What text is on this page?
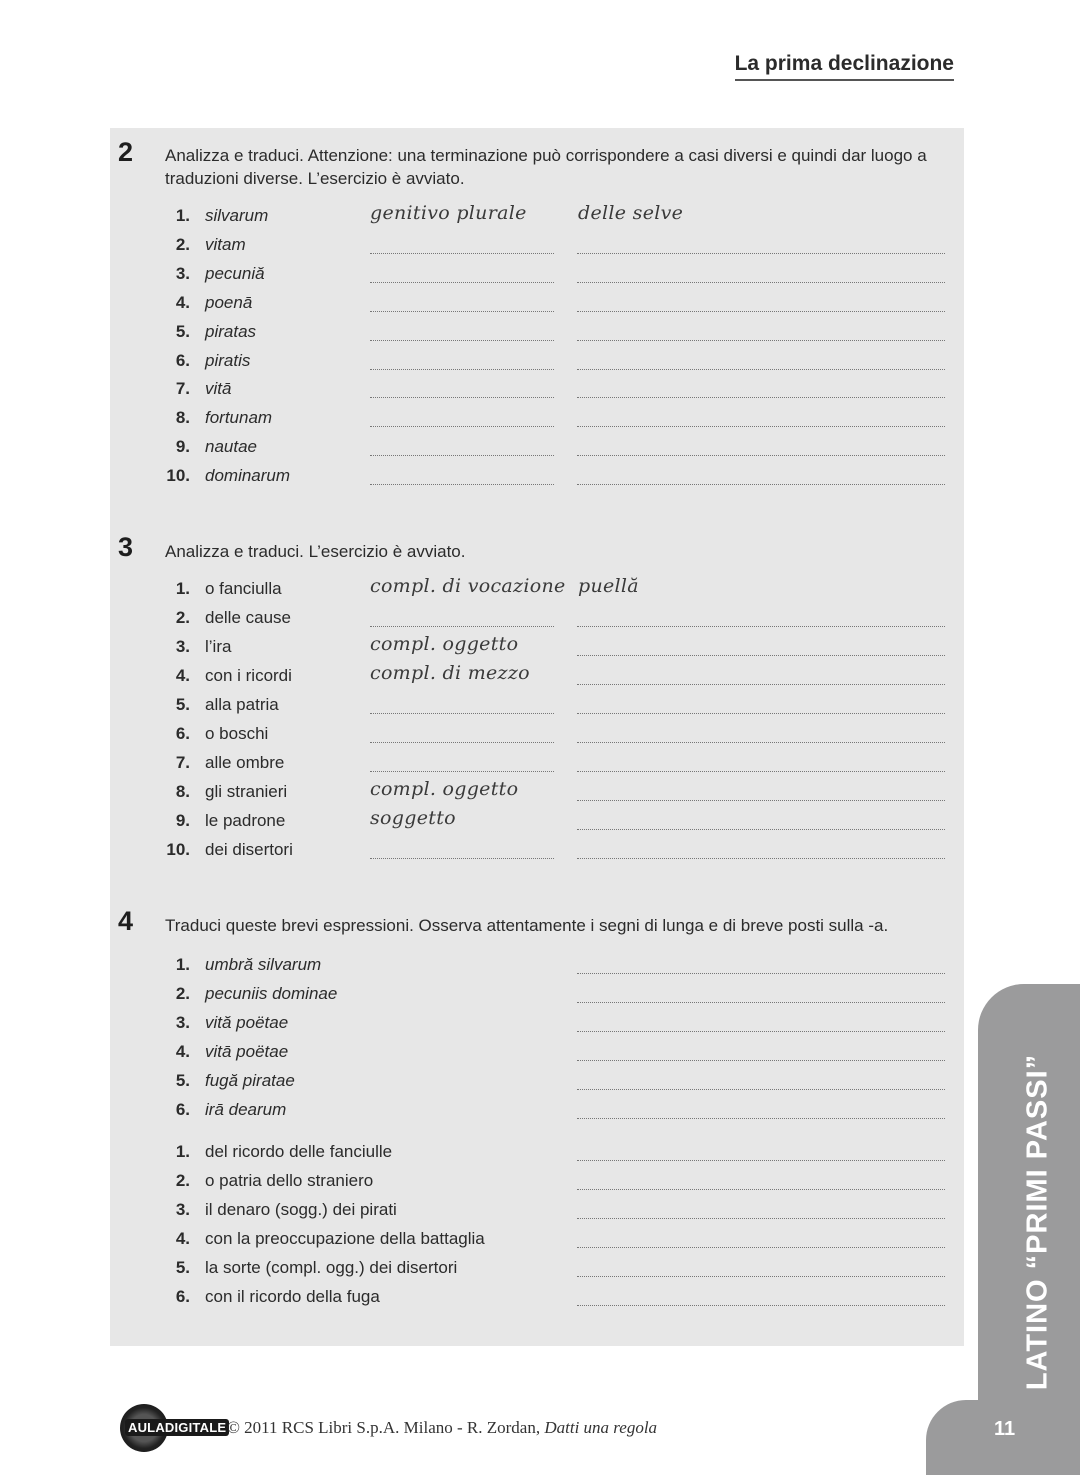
La prima declinazione
2 Analizza e traduci. Attenzione: una terminazione può corrispondere a casi diversi e quindi dar luogo a traduzioni diverse. L’esercizio è avviato.
1. silvarum	genitivo plurale	delle selve
2. vitam
3. pecuniă
4. poenā
5. piratas
6. piratis
7. vitā
8. fortunam
9. nautae
10. dominarum
3 Analizza e traduci. L’esercizio è avviato.
1. o fanciulla	compl. di vocazione puellă
2. delle cause
3. l’ira	compl. oggetto
4. con i ricordi	compl. di mezzo
5. alla patria
6. o boschi
7. alle ombre
8. gli stranieri	compl. oggetto
9. le padrone	soggetto
10. dei disertori
4 Traduci queste brevi espressioni. Osserva attentamente i segni di lunga e di breve posti sulla -a.
1. umbră silvarum
2. pecuniis dominae
3. vită poëtae
4. vitā poëtae
5. fugă piratae
6. irā dearum
1. del ricordo delle fanciulle
2. o patria dello straniero
3. il denaro (sogg.) dei pirati
4. con la preoccupazione della battaglia
5. la sorte (compl. ogg.) dei disertori
6. con il ricordo della fuga	LATINO “PRIMI PASSI”
11
AULADIGITALE © 2011 RCS Libri S.p.A. Milano - R. Zordan, Datti una regola
